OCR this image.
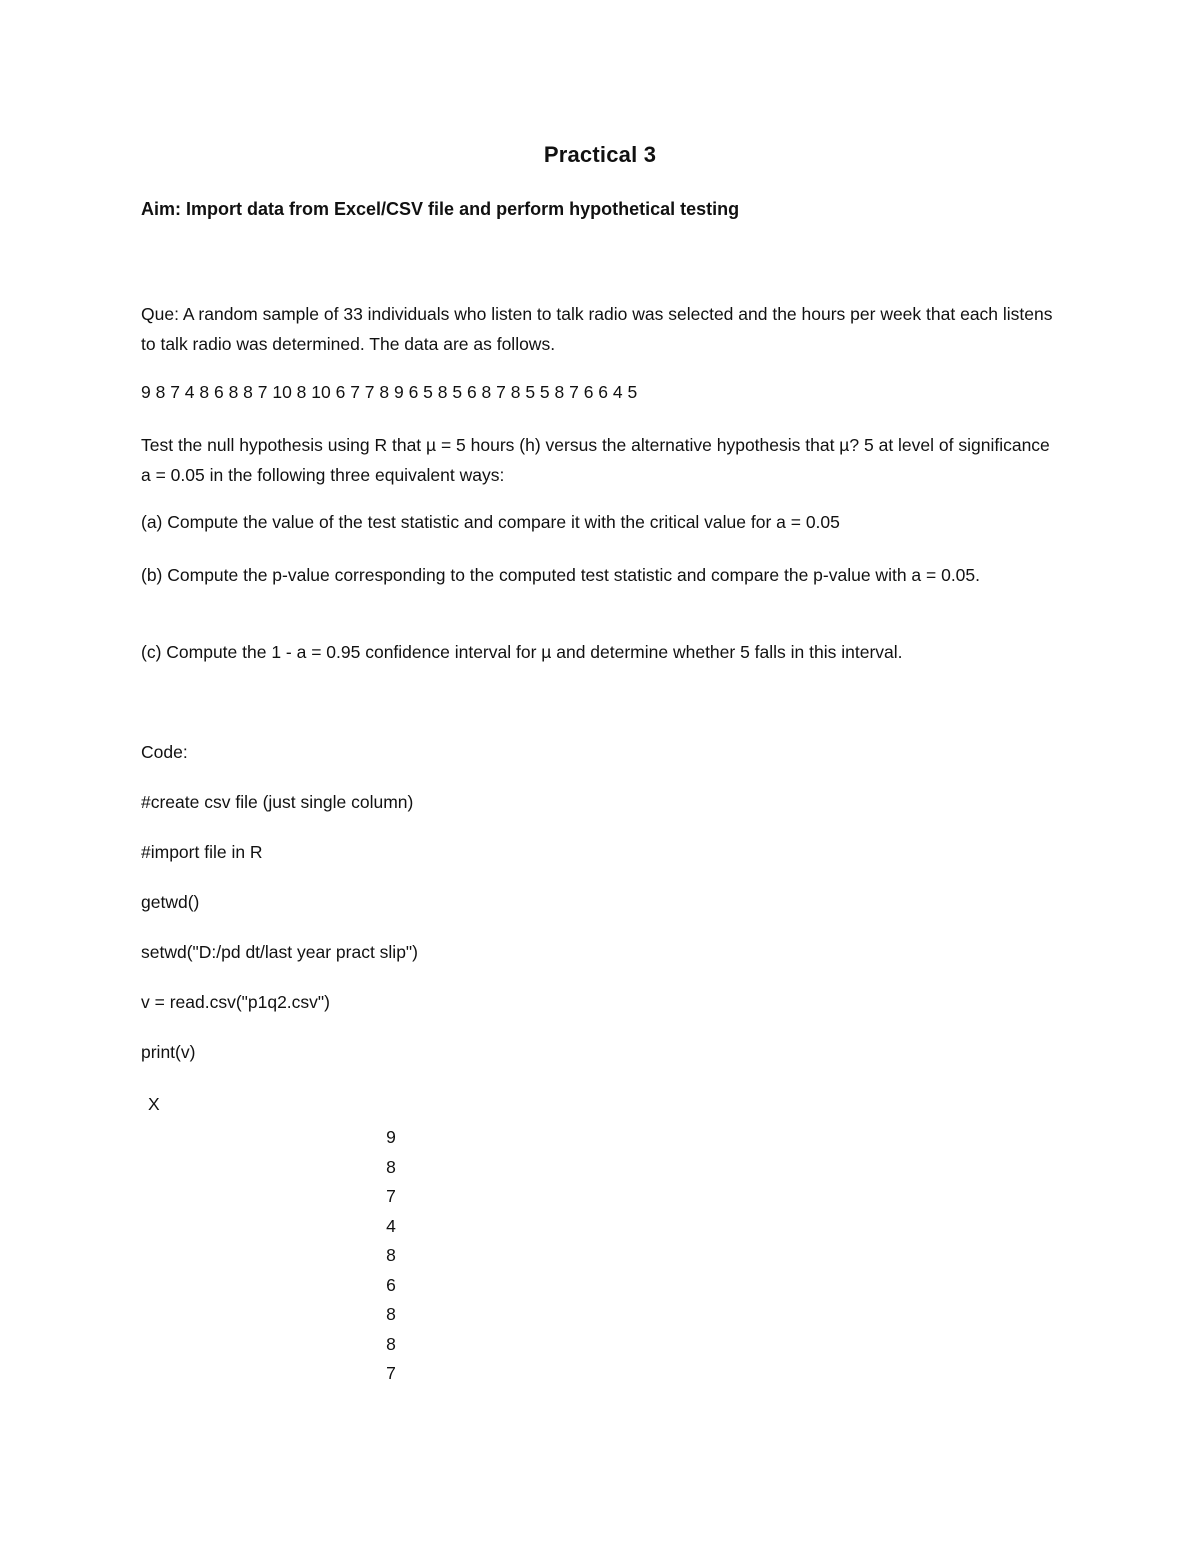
Practical 3
Aim: Import data from Excel/CSV file and perform hypothetical testing
Que: A random sample of 33 individuals who listen to talk radio was selected and the hours per week that each listens to talk radio was determined. The data are as follows.
9 8 7 4 8 6 8 8 7 10 8 10 6 7 7 8 9 6 5 8 5 6 8 7 8 5 5 8 7 6 6 4 5
Test the null hypothesis using R that µ = 5 hours (h) versus the alternative hypothesis that µ? 5 at level of significance a = 0.05 in the following three equivalent ways:
(a) Compute the value of the test statistic and compare it with the critical value for a = 0.05
(b) Compute the p-value corresponding to the computed test statistic and compare the p-value with a = 0.05.
(c) Compute the 1 - a = 0.95 confidence interval for µ and determine whether 5 falls in this interval.
Code:
#create csv file (just single column)
#import file in R
getwd()
setwd("D:/pd dt/last year pract slip")
v = read.csv("p1q2.csv")
print(v)
X
9
8
7
4
8
6
8
8
7
